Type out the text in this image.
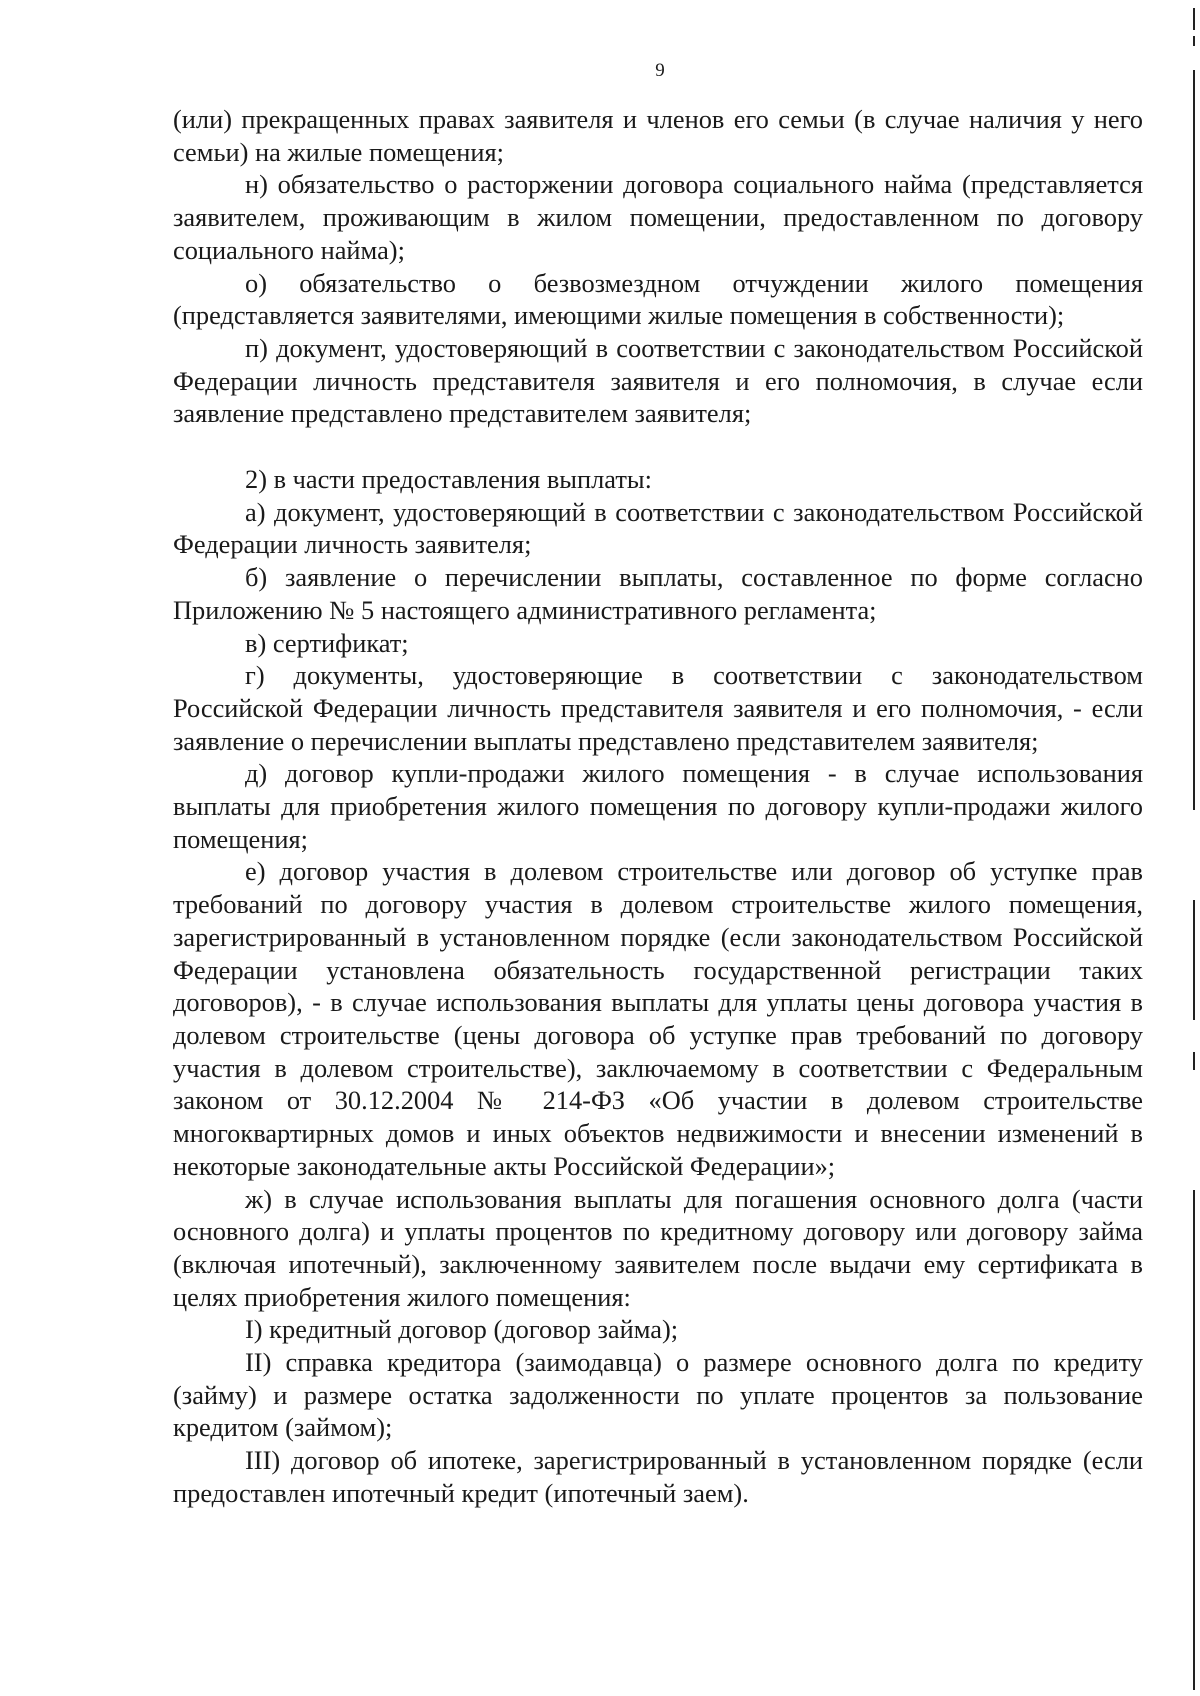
9

(или) прекращенных правах заявителя и членов его семьи (в случае наличия у него семьи) на жилые помещения;

н) обязательство о расторжении договора социального найма (представляется заявителем, проживающим в жилом помещении, предоставленном по договору социального найма);

о) обязательство о безвозмездном отчуждении жилого помещения (представляется заявителями, имеющими жилые помещения в собственности);

п) документ, удостоверяющий в соответствии с законодательством Российской Федерации личность представителя заявителя и его полномочия, в случае если заявление представлено представителем заявителя;

2) в части предоставления выплаты:

а) документ, удостоверяющий в соответствии с законодательством Российской Федерации личность заявителя;

б) заявление о перечислении выплаты, составленное по форме согласно Приложению № 5 настоящего административного регламента;

в) сертификат;

г) документы, удостоверяющие в соответствии с законодательством Российской Федерации личность представителя заявителя и его полномочия, - если заявление о перечислении выплаты представлено представителем заявителя;

д) договор купли-продажи жилого помещения - в случае использования выплаты для приобретения жилого помещения по договору купли-продажи жилого помещения;

е) договор участия в долевом строительстве или договор об уступке прав требований по договору участия в долевом строительстве жилого помещения, зарегистрированный в установленном порядке (если законодательством Российской Федерации установлена обязательность государственной регистрации таких договоров), - в случае использования выплаты для уплаты цены договора участия в долевом строительстве (цены договора об уступке прав требований по договору участия в долевом строительстве), заключаемому в соответствии с Федеральным законом от 30.12.2004 № 214-ФЗ «Об участии в долевом строительстве многоквартирных домов и иных объектов недвижимости и внесении изменений в некоторые законодательные акты Российской Федерации»;

ж) в случае использования выплаты для погашения основного долга (части основного долга) и уплаты процентов по кредитному договору или договору займа (включая ипотечный), заключенному заявителем после выдачи ему сертификата в целях приобретения жилого помещения:

I) кредитный договор (договор займа);

II) справка кредитора (заимодавца) о размере основного долга по кредиту (займу) и размере остатка задолженности по уплате процентов за пользование кредитом (займом);

III) договор об ипотеке, зарегистрированный в установленном порядке (если предоставлен ипотечный кредит (ипотечный заем).
